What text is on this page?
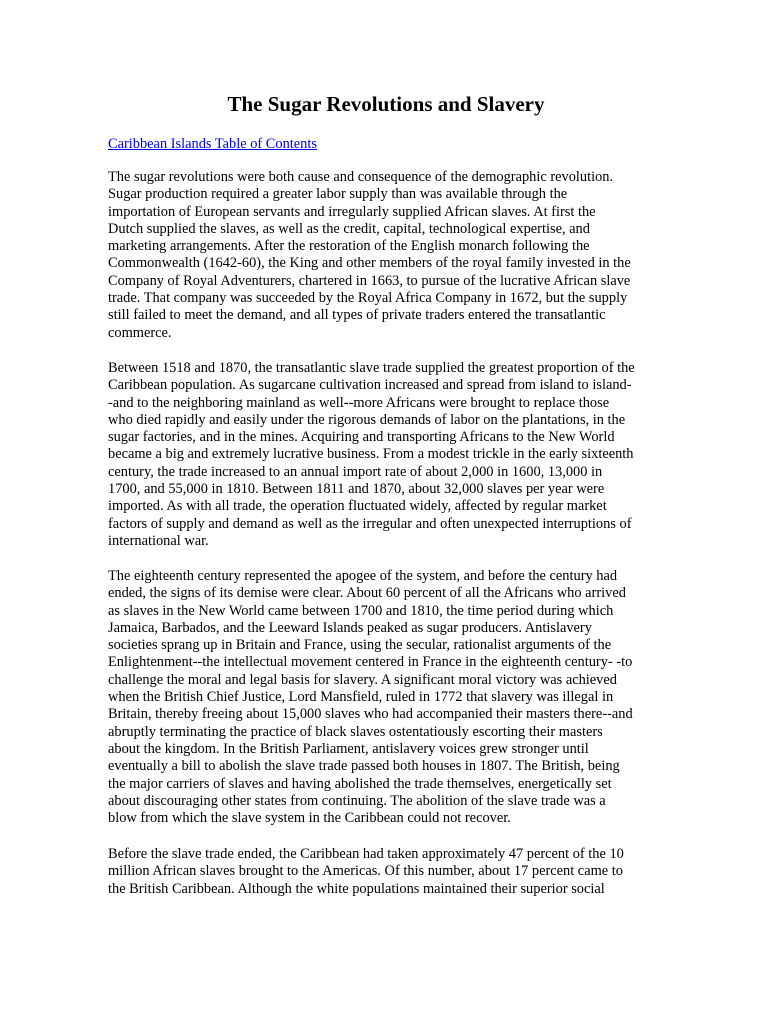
The Sugar Revolutions and Slavery
Caribbean Islands Table of Contents
The sugar revolutions were both cause and consequence of the demographic revolution.
Sugar production required a greater labor supply than was available through the
importation of European servants and irregularly supplied African slaves. At first the
Dutch supplied the slaves, as well as the credit, capital, technological expertise, and
marketing arrangements. After the restoration of the English monarch following the
Commonwealth (1642-60), the King and other members of the royal family invested in the
Company of Royal Adventurers, chartered in 1663, to pursue of the lucrative African slave
trade. That company was succeeded by the Royal Africa Company in 1672, but the supply
still failed to meet the demand, and all types of private traders entered the transatlantic
commerce.
Between 1518 and 1870, the transatlantic slave trade supplied the greatest proportion of the
Caribbean population. As sugarcane cultivation increased and spread from island to island-
-and to the neighboring mainland as well--more Africans were brought to replace those
who died rapidly and easily under the rigorous demands of labor on the plantations, in the
sugar factories, and in the mines. Acquiring and transporting Africans to the New World
became a big and extremely lucrative business. From a modest trickle in the early sixteenth
century, the trade increased to an annual import rate of about 2,000 in 1600, 13,000 in
1700, and 55,000 in 1810. Between 1811 and 1870, about 32,000 slaves per year were
imported. As with all trade, the operation fluctuated widely, affected by regular market
factors of supply and demand as well as the irregular and often unexpected interruptions of
international war.
The eighteenth century represented the apogee of the system, and before the century had
ended, the signs of its demise were clear. About 60 percent of all the Africans who arrived
as slaves in the New World came between 1700 and 1810, the time period during which
Jamaica, Barbados, and the Leeward Islands peaked as sugar producers. Antislavery
societies sprang up in Britain and France, using the secular, rationalist arguments of the
Enlightenment--the intellectual movement centered in France in the eighteenth century- -to
challenge the moral and legal basis for slavery. A significant moral victory was achieved
when the British Chief Justice, Lord Mansfield, ruled in 1772 that slavery was illegal in
Britain, thereby freeing about 15,000 slaves who had accompanied their masters there--and
abruptly terminating the practice of black slaves ostentatiously escorting their masters
about the kingdom. In the British Parliament, antislavery voices grew stronger until
eventually a bill to abolish the slave trade passed both houses in 1807. The British, being
the major carriers of slaves and having abolished the trade themselves, energetically set
about discouraging other states from continuing. The abolition of the slave trade was a
blow from which the slave system in the Caribbean could not recover.
Before the slave trade ended, the Caribbean had taken approximately 47 percent of the 10
million African slaves brought to the Americas. Of this number, about 17 percent came to
the British Caribbean. Although the white populations maintained their superior social
